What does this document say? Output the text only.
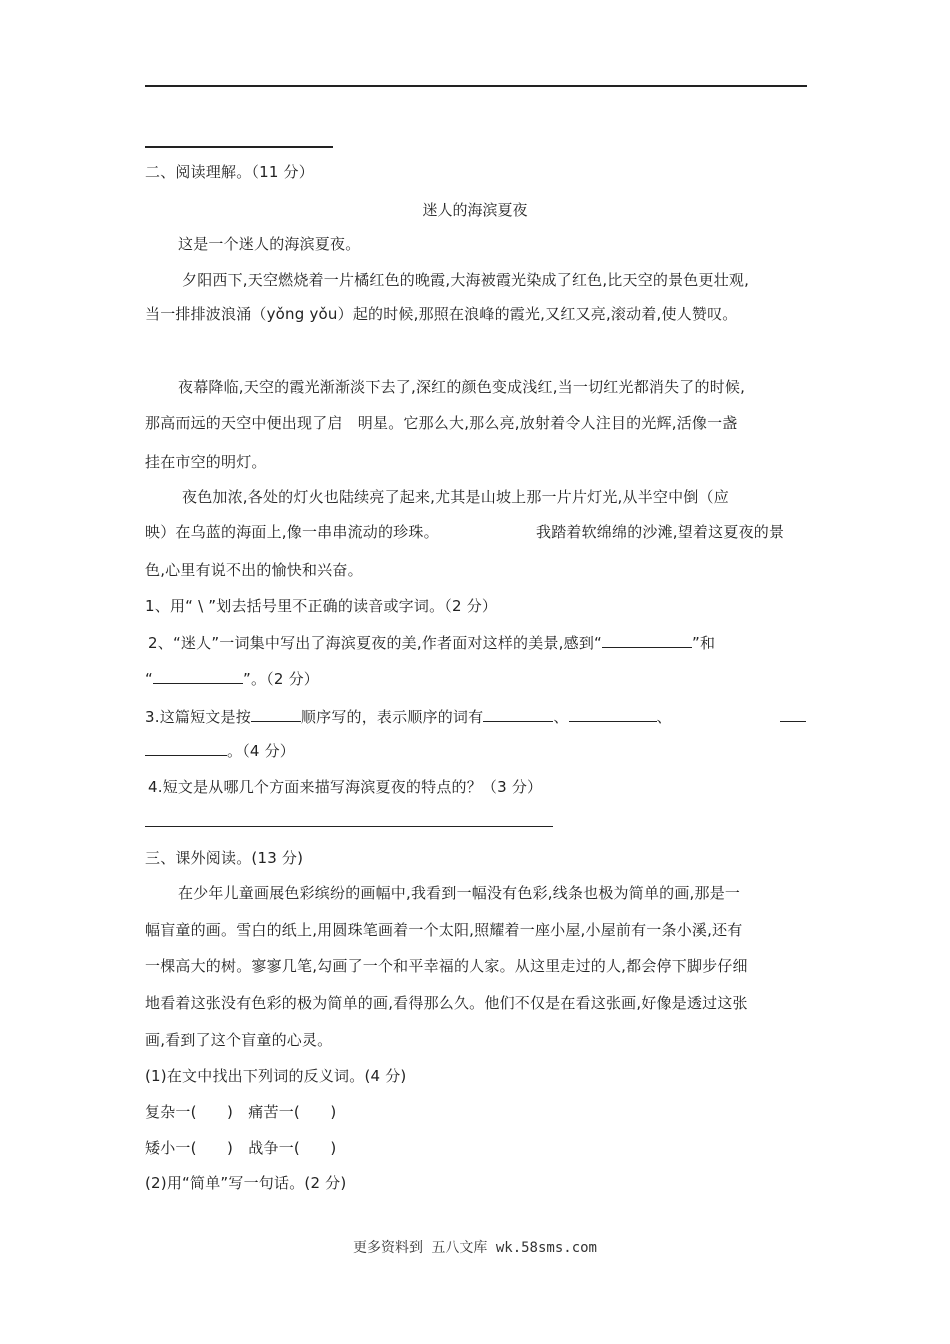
二、阅读理解。（11 分）
迷人的海滨夏夜
这是一个迷人的海滨夏夜。
夕阳西下,天空燃烧着一片橘红色的晚霞,大海被霞光染成了红色,比天空的景色更壮观,
当一排排波浪涌（yǒng yǒu）起的时候,那照在浪峰的霞光,又红又亮,滚动着,使人赞叹。
夜幕降临,天空的霞光渐渐淡下去了,深红的颜色变成浅红,当一切红光都消失了的时候,
那高而远的天空中便出现了启　明星。它那么大,那么亮,放射着令人注目的光辉,活像一盏
挂在市空的明灯。
夜色加浓,各处的灯火也陆续亮了起来,尤其是山坡上那一片片灯光,从半空中倒（应
映）在乌蓝的海面上,像一串串流动的珍珠。	我踏着软绵绵的沙滩,望着这夏夜的景
色,心里有说不出的愉快和兴奋。
1、用“ \ ”划去括号里不正确的读音或字词。（2 分）
2、“迷人”一词集中写出了海滨夏夜的美,作者面对这样的美景,感到“	”和
“	”。（2 分）
3.这篇短文是按	顺序写的，表示顺序的词有	、	、
。（4 分）
4.短文是从哪几个方面来描写海滨夏夜的特点的？（3 分）
三、课外阅读。(13 分)
在少年儿童画展色彩缤纷的画幅中,我看到一幅没有色彩,线条也极为简单的画,那是一
幅盲童的画。雪白的纸上,用圆珠笔画着一个太阳,照耀着一座小屋,小屋前有一条小溪,还有
一棵高大的树。寥寥几笔,勾画了一个和平幸福的人家。从这里走过的人,都会停下脚步仔细
地看着这张没有色彩的极为简单的画,看得那么久。他们不仅是在看这张画,好像是透过这张
画,看到了这个盲童的心灵。
(1)在文中找出下列词的反义词。(4 分)
复杂一(　　)　痛苦一(　　)
矮小一(　　)　战争一(　　)
(2)用“简单”写一句话。(2 分)
更多资料到 五八文库 wk.58sms.com
